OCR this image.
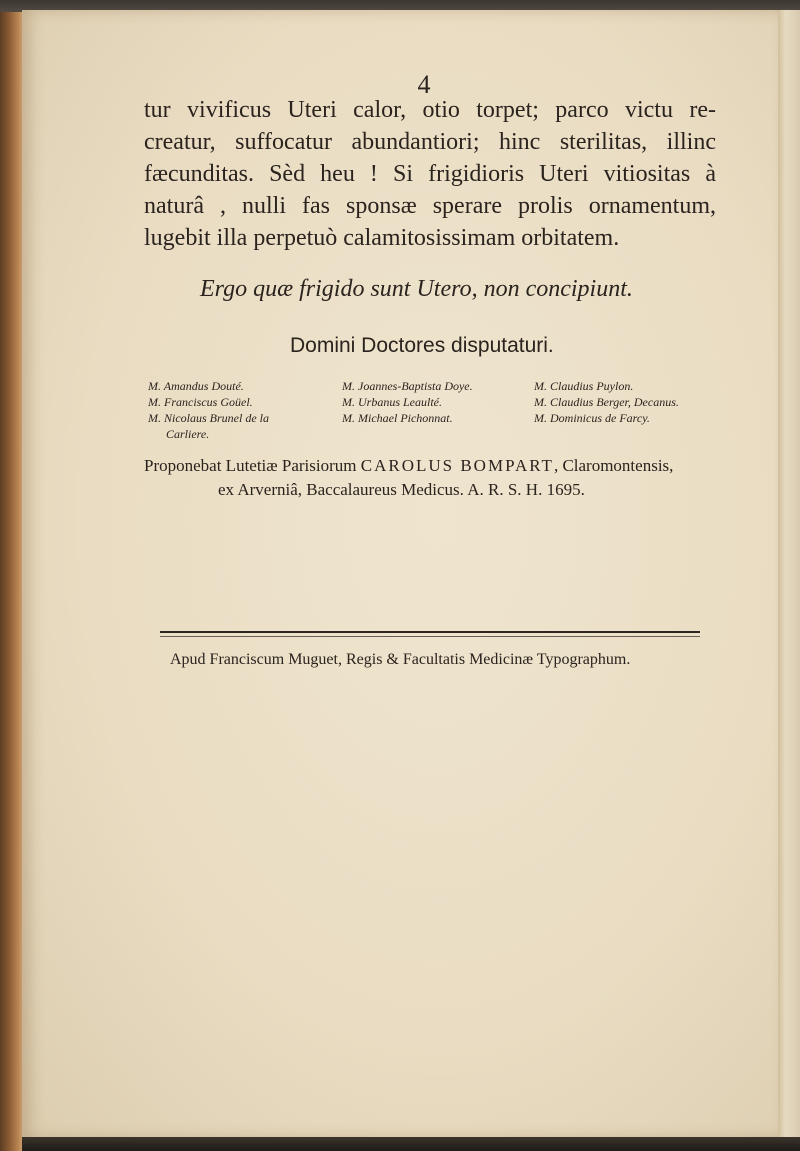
4
tur vivificus Uteri calor, otio torpet; parco victu re-
creatur, suffocatur abundantiori; hinc sterilitas, illinc
fæcunditas. Sèd heu ! Si frigidioris Uteri vitiositas à
naturâ , nulli fas sponsæ sperare prolis ornamentum,
lugebit illa perpetuò calamitosissimam orbitatem.
Ergo quæ frigido sunt Utero, non concipiunt.
Domini Doctores disputaturi.
M. Amandus Douté.
M. Franciscus Goüel.
M. Nicolaus Brunel de la
Carliere.
M. Joannes-Baptista Doye.
M. Urbanus Leaulté.
M. Michael Pichonnat.
M. Claudius Puylon.
M. Claudius Berger, Decanus.
M. Dominicus de Farcy.
Proponebat Lutetiæ Parisiorum CAROLUS BOMPART, Claromontensis,
ex Arverniâ, Baccalaureus Medicus. A. R. S. H. 1695.
Apud Franciscum Muguet, Regis & Facultatis Medicinæ Typographum.
